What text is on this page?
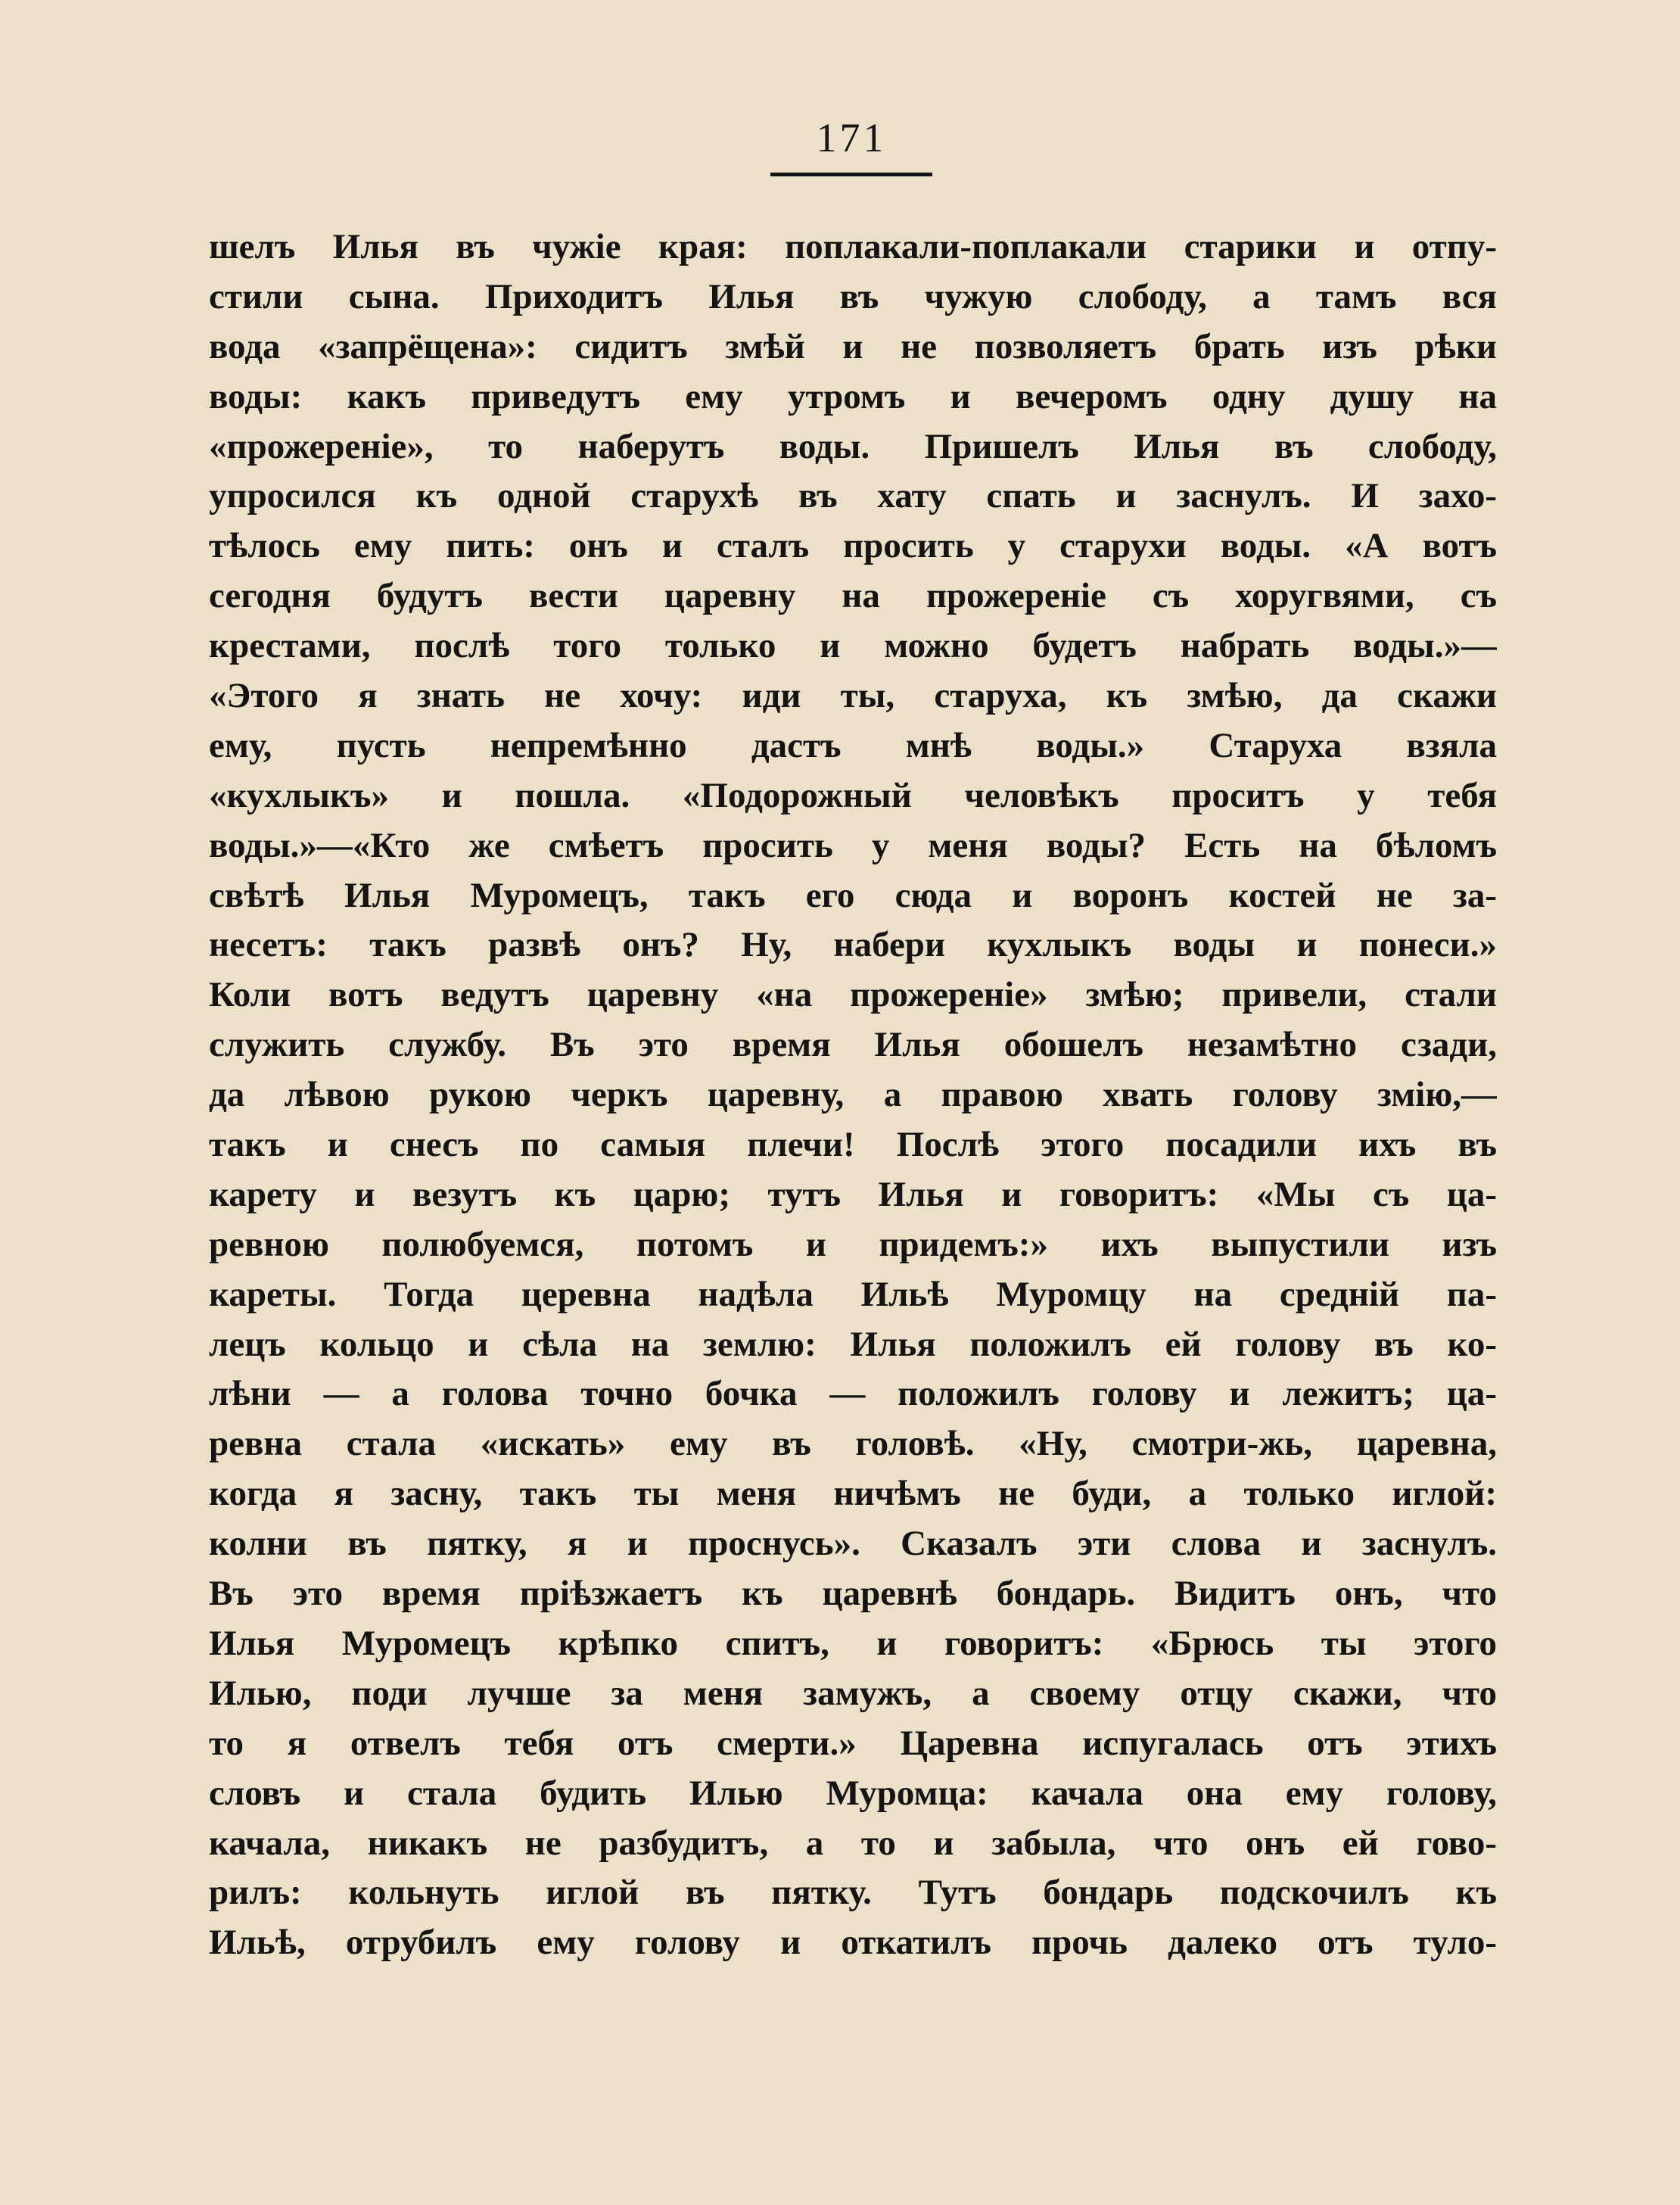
171
шелъ Илья въ чужіе края: поплакали-поплакали старики и отпу-
стили сына. Приходитъ Илья въ чужую слободу, а тамъ вся
вода «запрёщена»: сидитъ змѣй и не позволяетъ брать изъ рѣки
воды: какъ приведутъ ему утромъ и вечеромъ одну душу на
«прожереніе», то наберутъ воды. Пришелъ Илья въ слободу,
упросился къ одной старухѣ въ хату спать и заснулъ. И захо-
тѣлось ему пить: онъ и сталъ просить у старухи воды. «А вотъ
сегодня будутъ вести царевну на прожереніе съ хоругвями, съ
крестами, послѣ того только и можно будетъ набрать воды.»—
«Этого я знать не хочу: иди ты, старуха, къ змѣю, да скажи
ему, пусть непремѣнно дастъ мнѣ воды.» Старуха взяла
«кухлыкъ» и пошла. «Подорожный человѣкъ проситъ у тебя
воды.»—«Кто же смѣетъ просить у меня воды? Есть на бѣломъ
свѣтѣ Илья Муромецъ, такъ его сюда и воронъ костей не за-
несетъ: такъ развѣ онъ? Ну, набери кухлыкъ воды и понеси.»
Коли вотъ ведутъ царевну «на прожереніе» змѣю; привели, стали
служить службу. Въ это время Илья обошелъ незамѣтно сзади,
да лѣвою рукою черкъ царевну, а правою хвать голову змію,—
такъ и снесъ по самыя плечи! Послѣ этого посадили ихъ въ
карету и везутъ къ царю; тутъ Илья и говоритъ: «Мы съ ца-
ревною полюбуемся, потомъ и придемъ:» ихъ выпустили изъ
кареты. Тогда церевна надѣла Ильѣ Муромцу на средній па-
лецъ кольцо и сѣла на землю: Илья положилъ ей голову въ ко-
лѣни — а голова точно бочка — положилъ голову и лежитъ; ца-
ревна стала «искать» ему въ головѣ. «Ну, смотри-жь, царевна,
когда я засну, такъ ты меня ничѣмъ не буди, а только иглой:
колни въ пятку, я и проснусь». Сказалъ эти слова и заснулъ.
Въ это время пріѣзжаетъ къ царевнѣ бондарь. Видитъ онъ, что
Илья Муромецъ крѣпко спитъ, и говоритъ: «Брюсь ты этого
Илью, поди лучше за меня замужъ, а своему отцу скажи, что
то я отвелъ тебя отъ смерти.» Царевна испугалась отъ этихъ
словъ и стала будить Илью Муромца: качала она ему голову,
качала, никакъ не разбудитъ, а то и забыла, что онъ ей гово-
рилъ: кольнуть иглой въ пятку. Тутъ бондарь подскочилъ къ
Ильѣ, отрубилъ ему голову и откатилъ прочь далеко отъ туло-
